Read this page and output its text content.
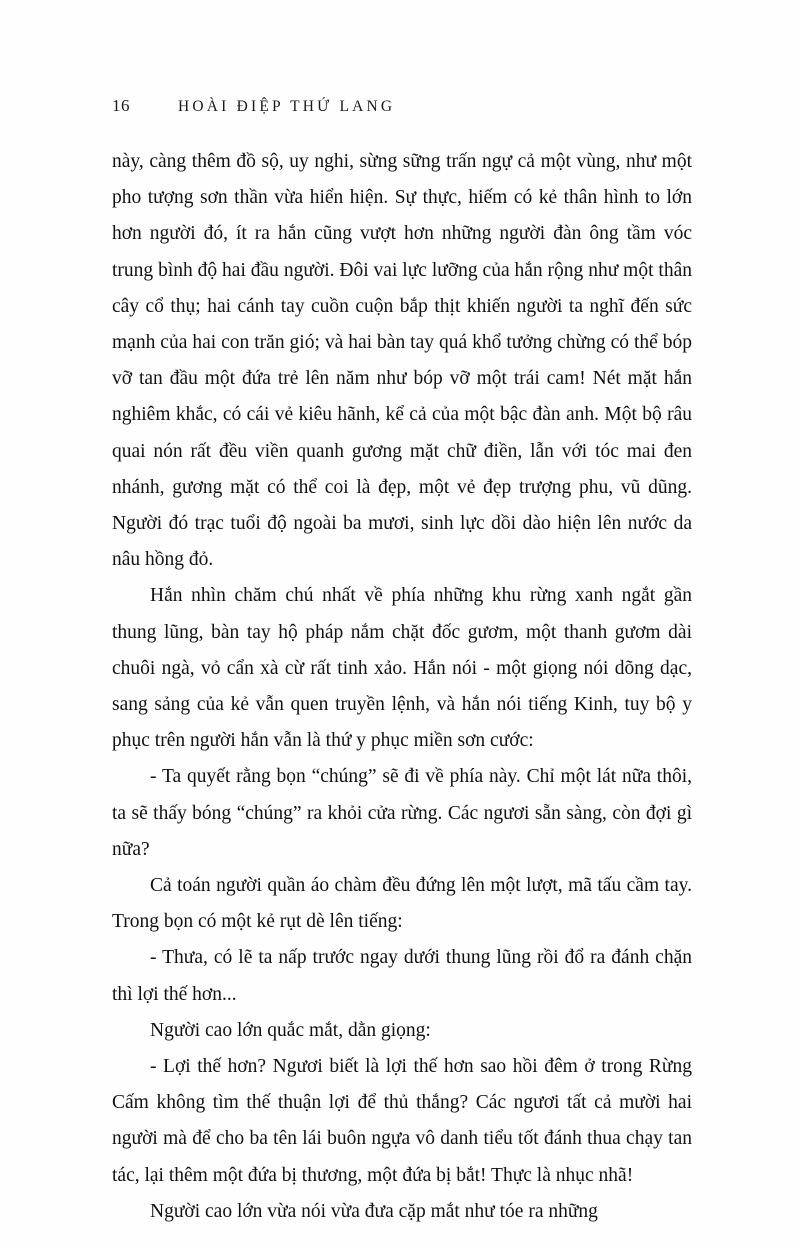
16	HOÀI ĐIỆP THỨ LANG

này, càng thêm đồ sộ, uy nghi, sừng sững trấn ngự cả một vùng, như một pho tượng sơn thần vừa hiển hiện. Sự thực, hiếm có kẻ thân hình to lớn hơn người đó, ít ra hắn cũng vượt hơn những người đàn ông tầm vóc trung bình độ hai đầu người. Đôi vai lực lưỡng của hắn rộng như một thân cây cổ thụ; hai cánh tay cuồn cuộn bắp thịt khiến người ta nghĩ đến sức mạnh của hai con trăn gió; và hai bàn tay quá khổ tưởng chừng có thể bóp vỡ tan đầu một đứa trẻ lên năm như bóp vỡ một trái cam! Nét mặt hắn nghiêm khắc, có cái vẻ kiêu hãnh, kể cả của một bậc đàn anh. Một bộ râu quai nón rất đều viền quanh gương mặt chữ điền, lẫn với tóc mai đen nhánh, gương mặt có thể coi là đẹp, một vẻ đẹp trượng phu, vũ dũng. Người đó trạc tuổi độ ngoài ba mươi, sinh lực dồi dào hiện lên nước da nâu hồng đỏ.

Hắn nhìn chăm chú nhất về phía những khu rừng xanh ngắt gần thung lũng, bàn tay hộ pháp nắm chặt đốc gươm, một thanh gươm dài chuôi ngà, vỏ cẩn xà cừ rất tinh xảo. Hắn nói - một giọng nói dõng dạc, sang sảng của kẻ vẫn quen truyền lệnh, và hắn nói tiếng Kinh, tuy bộ y phục trên người hắn vẫn là thứ y phục miền sơn cước:

- Ta quyết rằng bọn “chúng” sẽ đi về phía này. Chỉ một lát nữa thôi, ta sẽ thấy bóng “chúng” ra khỏi cửa rừng. Các ngươi sẵn sàng, còn đợi gì nữa?

Cả toán người quần áo chàm đều đứng lên một lượt, mã tấu cầm tay. Trong bọn có một kẻ rụt dè lên tiếng:

- Thưa, có lẽ ta nấp trước ngay dưới thung lũng rồi đổ ra đánh chặn thì lợi thế hơn...

Người cao lớn quắc mắt, dằn giọng:

- Lợi thế hơn? Ngươi biết là lợi thế hơn sao hồi đêm ở trong Rừng Cấm không tìm thế thuận lợi để thủ thắng? Các ngươi tất cả mười hai người mà để cho ba tên lái buôn ngựa vô danh tiểu tốt đánh thua chạy tan tác, lại thêm một đứa bị thương, một đứa bị bắt! Thực là nhục nhã!

Người cao lớn vừa nói vừa đưa cặp mắt như tóe ra những
